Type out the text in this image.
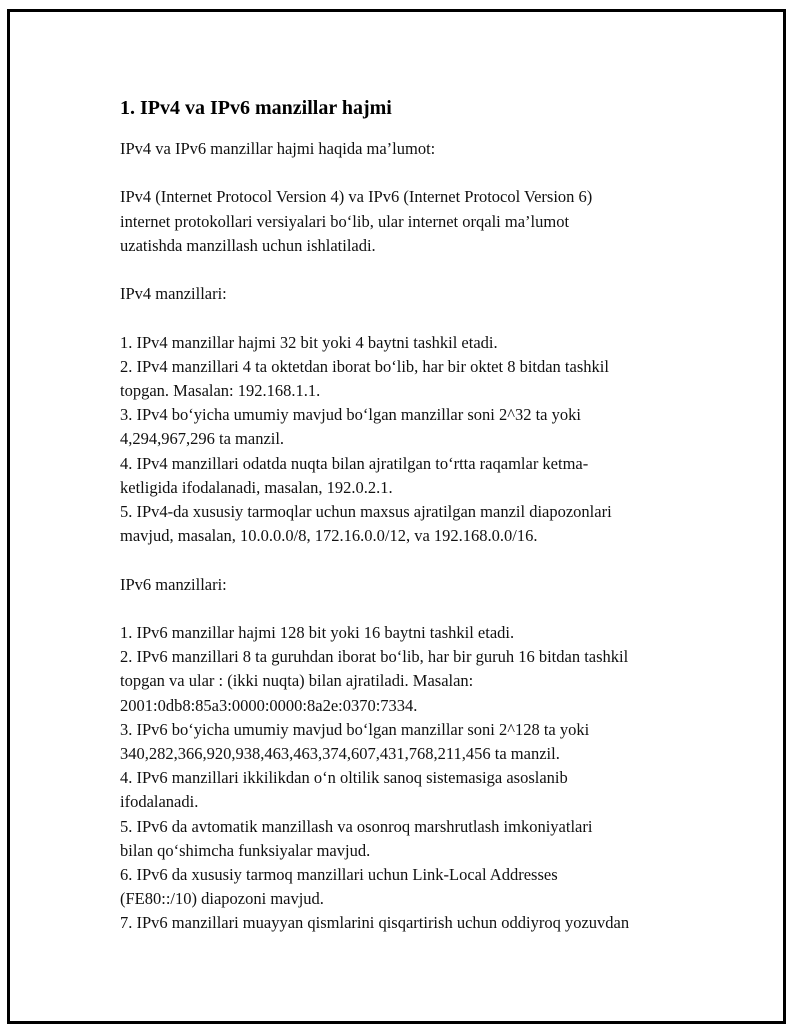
1. IPv4 va IPv6 manzillar hajmi

IPv4 va IPv6 manzillar hajmi haqida ma’lumot:

IPv4 (Internet Protocol Version 4) va IPv6 (Internet Protocol Version 6)
internet protokollari versiyalari bo‘lib, ular internet orqali ma’lumot
uzatishda manzillash uchun ishlatiladi.

IPv4 manzillari:

1. IPv4 manzillar hajmi 32 bit yoki 4 baytni tashkil etadi.

2. IPv4 manzillari 4 ta oktetdan iborat bo‘lib, har bir oktet 8 bitdan tashkil
topgan. Masalan: 192.168.1.1.

3. IPv4 bo‘yicha umumiy mavjud bo‘lgan manzillar soni 2^32 ta yoki
4,294,967,296 ta manzil.

4. IPv4 manzillari odatda nuqta bilan ajratilgan to‘rtta raqamlar ketma-
ketligida ifodalanadi, masalan, 192.0.2.1.

5. IPv4-da xususiy tarmoqlar uchun maxsus ajratilgan manzil diapozonlari
mavjud, masalan, 10.0.0.0/8, 172.16.0.0/12, va 192.168.0.0/16.

IPv6 manzillari:

1. IPv6 manzillar hajmi 128 bit yoki 16 baytni tashkil etadi.

2. IPv6 manzillari 8 ta guruhdan iborat bo‘lib, har bir guruh 16 bitdan tashkil
topgan va ular : (ikki nuqta) bilan ajratiladi. Masalan:
2001:0db8:85a3:0000:0000:8a2e:0370:7334.

3. IPv6 bo‘yicha umumiy mavjud bo‘lgan manzillar soni 2^128 ta yoki
340,282,366,920,938,463,463,374,607,431,768,211,456 ta manzil.

4. IPv6 manzillari ikkilikdan o‘n oltilik sanoq sistemasiga asoslanib
ifodalanadi.

5. IPv6 da avtomatik manzillash va osonroq marshrutlash imkoniyatlari
bilan qo‘shimcha funksiyalar mavjud.

6. IPv6 da xususiy tarmoq manzillari uchun Link-Local Addresses
(FE80::/10) diapozoni mavjud.

7. IPv6 manzillari muayyan qismlarini qisqartirish uchun oddiyroq yozuvdan
